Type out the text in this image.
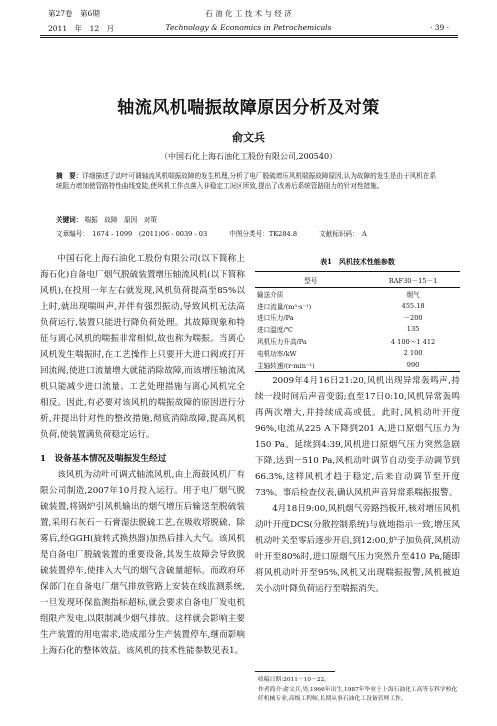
第27卷　第6期	石 油 化 工 技 术 与 经 济
2011　年　12　月	Technology & Economics in Petrochemicals	· 39 ·
轴流风机喘振故障原因分析及对策
俞文兵
（中国石化上海石油化工股份有限公司,200540）
摘　要：详细描述了动叶可调轴流风机喘振故障的发生机理,分析了电厂脱硫增压风机喘振故障原因,认为故障的发生是由于风机在系统阻力增加使管路特性曲线变陡,使风机工作点落入非稳定工况区所致,提出了改善后系统管路阻力的针对性措施。
关键词： 喘振　故障　原因　对策
文章编号：　1674 - 1099　(2011)06 - 0039 - 03	中图分类号：TK284.8	文献标识码：　A

中国石化上海石油化工股份有限公司(以下简称上海石化)自备电厂烟气脱硫装置增压轴流风机(以下简称风机),在投用一年左右就发现,风机负荷提高至85%以上时,就出现喘叫声,并伴有强烈振动,导致风机无法高负荷运行,装置只能进行降负荷处理。其故障现象和特征与离心风机的喘振非常相似,故也称为喘振。当离心风机发生喘振时,在工艺操作上只要开大进口阀或打开回流阀,使进口流量增大就能消除故障,而该增压轴流风机只能减少进口流量、工艺处理措施与离心风机完全相反。因此,有必要对该风机的喘振故障的原因进行分析,并提出针对性的整改措施,彻底消除故障,提高风机负荷,使装置满负荷稳定运行。

1　设备基本情况及喘振发生经过

该风机为动叶可调式轴流风机,由上海鼓风机厂有限公司制造,2007年10月投入运行。用于电厂烟气脱硫装置,将锅炉引风机输出的烟气增压后输送至脱硫装置,采用石灰石－石膏湿法脱硫工艺,在吸收塔脱硫、除雾后,经GGH(旋转式换热器)加热后排入大气。该风机是自备电厂脱硫装置的重要设备,其发生故障会导致脱硫装置停车,使排入大气的烟气含硫量超标。而政府环保部门在自备电厂烟气排放管路上安装在线监测系统,一旦发现环保监测指标超标,就会要求自备电厂发电机组限产发电,以限制减少烟气排放。这样就会影响主要生产装置的用电需求,造成部分生产装置停车,继而影响上海石化的整体效益。该风机的技术性能参数见表1。

表1　风机技术性能参数
型号	RAF30－15－1
输送介质	烟气
进口流量/(m³·s⁻¹)	455.18
进口压力/Pa	－200
进口温度/℃	135
风机压力升高/Pa	4 100～1 412
电机功率/kW	2 100
主轴转速/(r·min⁻¹)	990

2009年4月16日21:20,风机出现异常轰鸣声,持续一段时间后声音变弱;直至17日0:10,风机异常轰鸣再两次增大,并持续成高或低。此时,风机动叶开度96%,电流从225 A下降到201 A,进口原烟气压力为150 Pa。延续到4:39,风机进口原烟气压力突然急剧下降,达到－510 Pa,风机动叶调节自动变手动调节到66.3%,这样风机才趋于稳定,后来自动调节至开度73%。事后检查仪表,确认风机声音异常系喘振报警。

4月18日9:00,风机烟气旁路挡板开,核对增压风机动叶开度DCS(分散控制系统)与就地指示一致,增压风机动叶关至零后逐步开启,到12:00,炉子加负荷,风机动叶开至80%时,进口原烟气压力突然升至410 Pa,随即将风机动叶开至95%,风机又出现喘振报警,风机被迫关小动叶降负荷运行至喘振消失。

收稿日期:2011－10－22。
作者简介:俞文兵,男,1966年出生,1987年毕业于上海石油化工高等专科学校化纤机械专业,高级工程师,长期从事石油化工设备管理工作。
